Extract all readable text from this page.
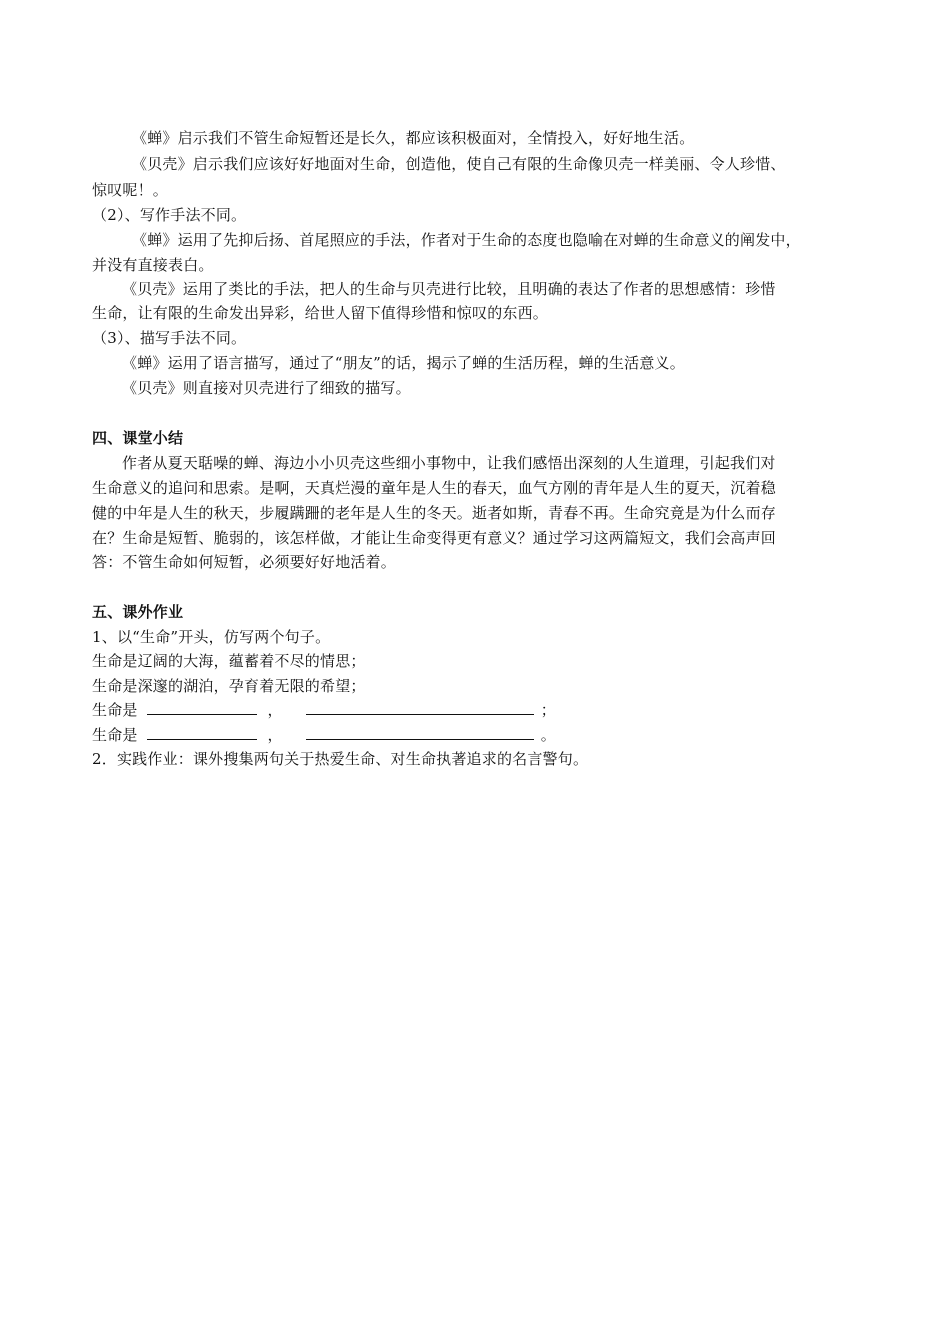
《蝉》启示我们不管生命短暂还是长久，都应该积极面对，全情投入，好好地生活。
《贝壳》启示我们应该好好地面对生命，创造他，使自己有限的生命像贝壳一样美丽、令人珍惜、
惊叹呢！。
（2）、写作手法不同。
《蝉》运用了先抑后扬、首尾照应的手法，作者对于生命的态度也隐喻在对蝉的生命意义的阐发中，
并没有直接表白。
《贝壳》运用了类比的手法，把人的生命与贝壳进行比较，且明确的表达了作者的思想感情：珍惜
生命，让有限的生命发出异彩，给世人留下值得珍惜和惊叹的东西。
（3）、描写手法不同。
《蝉》运用了语言描写，通过了“朋友”的话，揭示了蝉的生活历程，蝉的生活意义。
《贝壳》则直接对贝壳进行了细致的描写。
四、课堂小结
作者从夏天聒噪的蝉、海边小小贝壳这些细小事物中，让我们感悟出深刻的人生道理，引起我们对
生命意义的追问和思索。是啊，天真烂漫的童年是人生的春天，血气方刚的青年是人生的夏天，沉着稳
健的中年是人生的秋天，步履蹒跚的老年是人生的冬天。逝者如斯，青春不再。生命究竟是为什么而存
在？生命是短暂、脆弱的，该怎样做，才能让生命变得更有意义？通过学习这两篇短文，我们会高声回
答：不管生命如何短暂，必须要好好地活着。
五、课外作业
1、以“生命”开头，仿写两个句子。
生命是辽阔的大海，蕴蓄着不尽的情思；
生命是深邃的湖泊，孕育着无限的希望；
生命是	，	；
生命是	，	。
2．实践作业：课外搜集两句关于热爱生命、对生命执著追求的名言警句。
